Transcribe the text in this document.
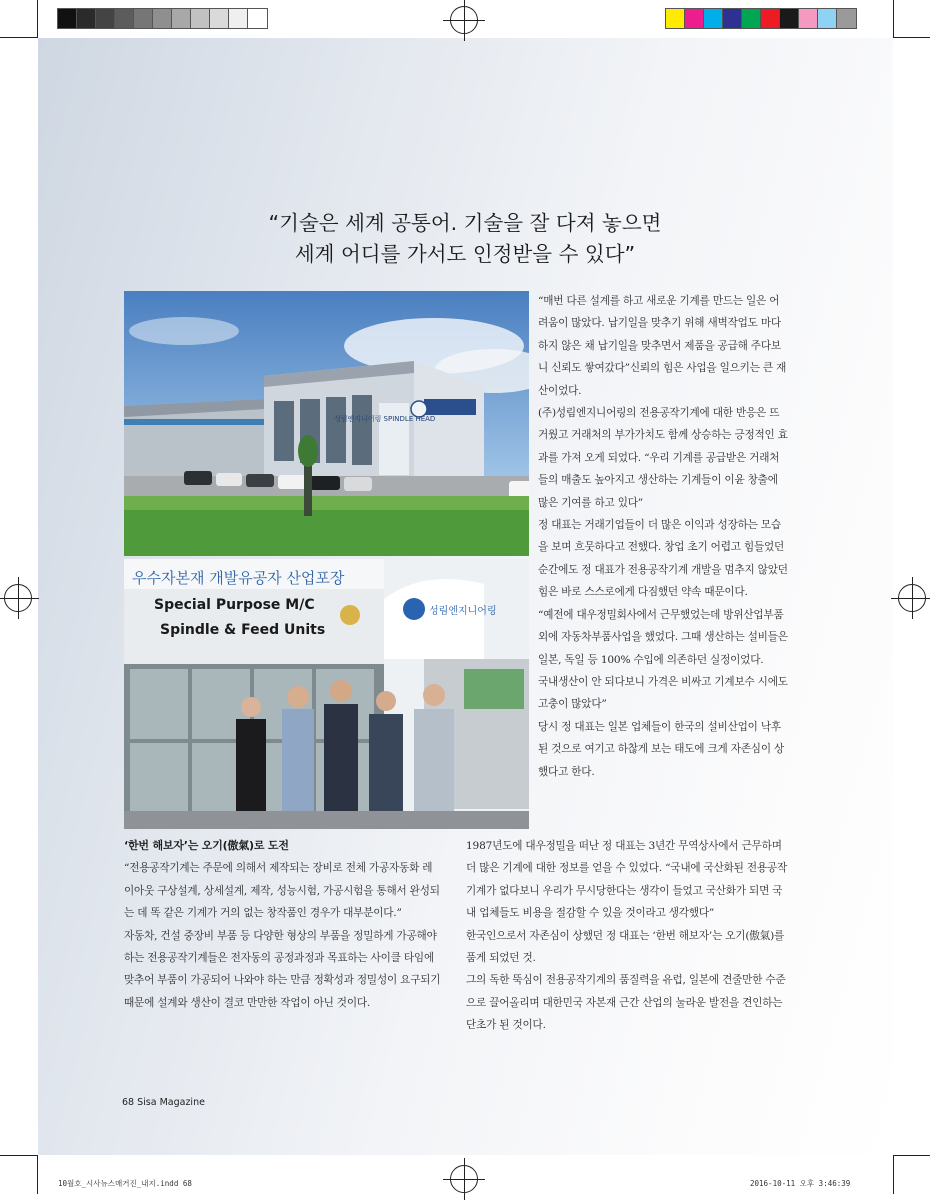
“기술은 세계 공통어. 기술을 잘 다져 놓으면
세계 어디를 가서도 인정받을 수 있다”
성림엔지니어링 SPINDLE HEAD
우수자본재 개발유공자 산업포장
Special Purpose M/C
Spindle & Feed Units
성림엔지니어링

“매번 다른 설계를 하고 새로운 기계를 만드는 일은 어려움이 많았다. 납기일을 맞추기 위해 새벽작업도 마다하지 않은 채 납기일을 맞추면서 제품을 공급해 주다보니 신뢰도 쌓여갔다”신뢰의 힘은 사업을 일으키는 큰 재산이었다.

(주)성림엔지니어링의 전용공작기계에 대한 반응은 뜨거웠고 거래처의 부가가치도 함께 상승하는 긍정적인 효과를 가져 오게 되었다. “우리 기계를 공급받은 거래처들의 매출도 높아지고 생산하는 기계들이 이윤 창출에 많은 기여를 하고 있다”

정 대표는 거래기업들이 더 많은 이익과 성장하는 모습을 보며 흐뭇하다고 전했다. 창업 초기 어렵고 힘들었던 순간에도 정 대표가 전용공작기계 개발을 멈추지 않았던 힘은 바로 스스로에게 다짐했던 약속 때문이다.

“예전에 대우정밀회사에서 근무했었는데 방위산업부품 외에 자동차부품사업을 했었다. 그때 생산하는 설비들은 일본, 독일 등 100% 수입에 의존하던 실정이었다.

국내생산이 안 되다보니 가격은 비싸고 기계보수 시에도 고충이 많았다”

당시 정 대표는 일본 업체들이 한국의 설비산업이 낙후된 것으로 여기고 하찮게 보는 태도에 크게 자존심이 상했다고 한다.

‘한번 해보자’는 오기(傲氣)로 도전

“전용공작기계는 주문에 의해서 제작되는 장비로 전체 가공자동화 레이아웃 구상설계, 상세설계, 제작, 성능시험, 가공시험을 통해서 완성되는 데 똑 같은 기계가 거의 없는 창작품인 경우가 대부분이다.”

자동차, 건설 중장비 부품 등 다양한 형상의 부품을 정밀하게 가공해야 하는 전용공작기계들은 전자동의 공정과정과 목표하는 사이클 타임에 맞추어 부품이 가공되어 나와야 하는 만큼 정확성과 정밀성이 요구되기 때문에 설계와 생산이 결코 만만한 작업이 아닌 것이다.

1987년도에 대우정밀을 떠난 정 대표는 3년간 무역상사에서 근무하며 더 많은 기계에 대한 정보를 얻을 수 있었다. “국내에 국산화된 전용공작기계가 없다보니 우리가 무시당한다는 생각이 들었고 국산화가 되면 국내 업체들도 비용을 절감할 수 있을 것이라고 생각했다”

한국인으로서 자존심이 상했던 정 대표는 ‘한번 해보자’는 오기(傲氣)를 품게 되었던 것.

그의 독한 뚝심이 전용공작기계의 품질력을 유럽, 일본에 견줄만한 수준으로 끌어올리며 대한민국 자본재 근간 산업의 눌라운 발전을 견인하는 단초가 된 것이다.

68 Sisa Magazine
10월호_시사뉴스매거진_내지.indd 68	2016-10-11 오후 3:46:39
